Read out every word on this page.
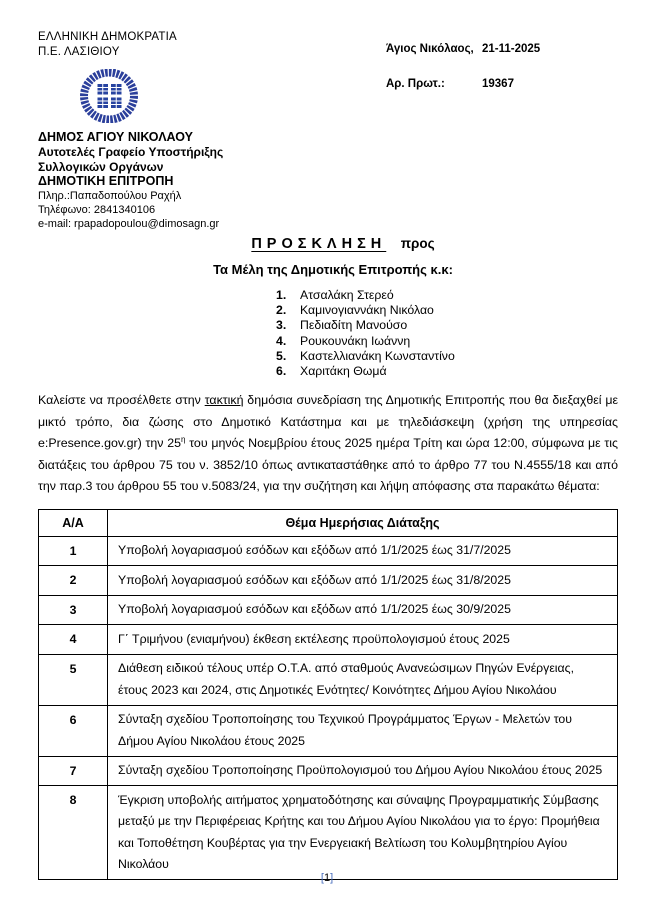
ΕΛΛΗΝΙΚΗ ΔΗΜΟΚΡΑΤΙΑ
Π.Ε. ΛΑΣΙΘΙΟΥ
ΔΗΜΟΣ ΑΓΙΟΥ ΝΙΚΟΛΑΟΥ
Αυτοτελές Γραφείο Υποστήριξης
Συλλογικών Οργάνων
ΔΗΜΟΤΙΚΗ ΕΠΙΤΡΟΠΗ
Πληρ.:Παπαδοπούλου Ραχήλ
Τηλέφωνο: 2841340106
e-mail: rpapadopoulou@dimosagn.gr
Άγιος Νικόλαος, 21-11-2025
Αρ. Πρωτ.:	19367
ΠΡΟΣΚΛΗΣΗ προς
Τα Μέλη της Δημοτικής Επιτροπής κ.κ:
1.	Ατσαλάκη Στερεό
2.	Καμινογιαννάκη Νικόλαο
3.	Πεδιαδίτη Μανούσο
4.	Ρουκουνάκη Ιωάννη
5.	Καστελλιανάκη Κωνσταντίνο
6.	Χαριτάκη Θωμά

Καλείστε να προσέλθετε στην τακτική δημόσια συνεδρίαση της Δημοτικής Επιτροπής που θα διεξαχθεί με μικτό τρόπο, δια ζώσης στο Δημοτικό Κατάστημα και με τηλεδιάσκεψη (χρήση της υπηρεσίας e:Presence.gov.gr) την $25^\eta$ του μηνός Νοεμβρίου έτους 2025 ημέρα Τρίτη και ώρα 12:00, σύμφωνα με τις διατάξεις του άρθρου 75 του ν. 3852/10 όπως αντικαταστάθηκε από το άρθρο 77 του Ν.4555/18 και από την παρ.3 του άρθρου 55 του ν.5083/24, για την συζήτηση και λήψη απόφασης στα παρακάτω θέματα:

Α/Α	Θέμα Ημερήσιας Διάταξης
1	Υποβολή λογαριασμού εσόδων και εξόδων από 1/1/2025 έως 31/7/2025
2	Υποβολή λογαριασμού εσόδων και εξόδων από 1/1/2025 έως 31/8/2025
3	Υποβολή λογαριασμού εσόδων και εξόδων από 1/1/2025 έως 30/9/2025
4	Γ΄ Τριμήνου (ενιαμήνου) έκθεση εκτέλεσης προϋπολογισμού έτους 2025
5	Διάθεση ειδικού τέλους υπέρ Ο.Τ.Α. από σταθμούς Ανανεώσιμων Πηγών Ενέργειας, έτους 2023 και 2024, στις Δημοτικές Ενότητες/ Κοινότητες Δήμου Αγίου Νικολάου
6	Σύνταξη σχεδίου Τροποποίησης του Τεχνικού Προγράμματος Έργων - Μελετών του Δήμου Αγίου Νικολάου έτους 2025
7	Σύνταξη σχεδίου Τροποποίησης Προϋπολογισμού του Δήμου Αγίου Νικολάου έτους 2025
8	Έγκριση υποβολής αιτήματος χρηματοδότησης και σύναψης Προγραμματικής Σύμβασης μεταξύ με την Περιφέρειας Κρήτης και του Δήμου Αγίου Νικολάου για το έργο: Προμήθεια και Τοποθέτηση Κουβέρτας για την Ενεργειακή Βελτίωση του Κολυμβητηρίου Αγίου Νικολάου
[1]
